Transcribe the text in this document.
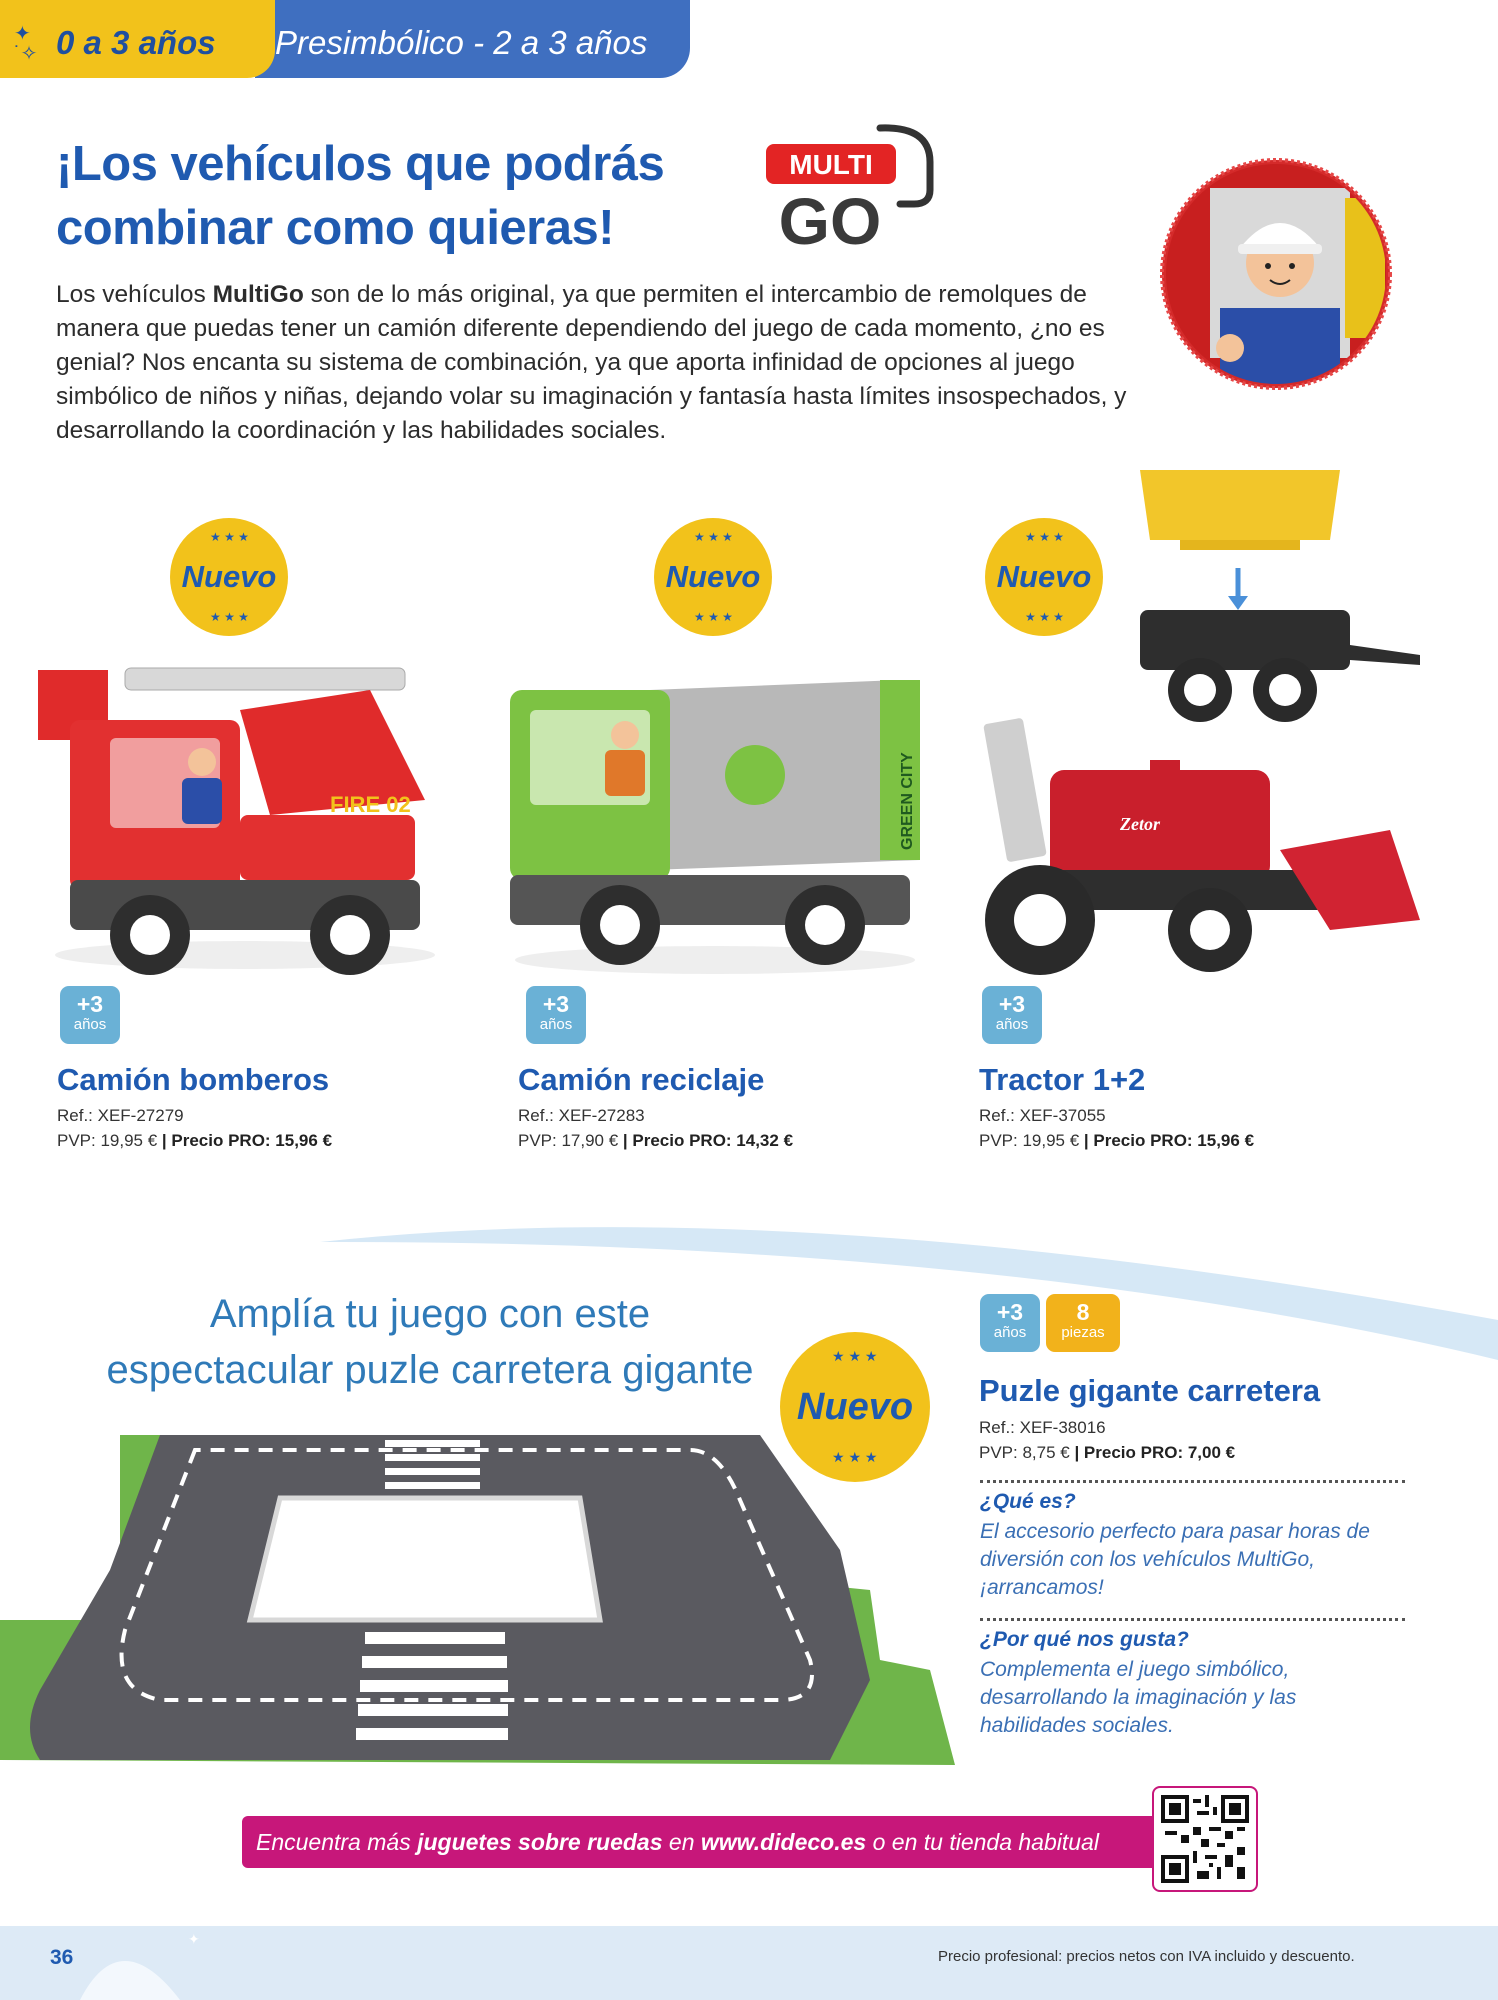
Presimbólico - 2 a 3 años
✦
˙✧ 0 a 3 años
¡Los vehículos que podrás
combinar como quieras!
MULTI
GO
Los vehículos MultiGo son de lo más original, ya que permiten el intercambio de remolques de manera que puedas tener un camión diferente dependiendo del juego de cada momento, ¿no es genial? Nos encanta su sistema de combinación, ya que aporta infinidad de opciones al juego simbólico de niños y niñas, dejando volar su imaginación y fantasía hasta límites insospechados, y desarrollando la coordinación y las habilidades sociales.
★ ★ ★
Nuevo
★ ★ ★
★ ★ ★
Nuevo
★ ★ ★
★ ★ ★
Nuevo
★ ★ ★
FIRE 02	GREEN CITY	Zetor
+3
años
Camión bomberos
Ref.: XEF-27279
PVP: 19,95 € | Precio PRO: 15,96 €
+3
años
Camión reciclaje
Ref.: XEF-27283
PVP: 17,90 € | Precio PRO: 14,32 €
+3
años
Tractor 1+2
Ref.: XEF-37055
PVP: 19,95 € | Precio PRO: 15,96 €
Amplía tu juego con este
espectacular puzle carretera gigante	★ ★ ★
Nuevo
★ ★ ★
+3
años
8
piezas
Puzle gigante carretera
Ref.: XEF-38016
PVP: 8,75 € | Precio PRO: 7,00 €
¿Qué es?
El accesorio perfecto para pasar horas de diversión con los vehículos MultiGo, ¡arrancamos!
¿Por qué nos gusta?
Complementa el juego simbólico, desarrollando la imaginación y las habilidades sociales.
Encuentra más juguetes sobre ruedas en www.dideco.es o en tu tienda habitual
✦
36	Precio profesional: precios netos con IVA incluido y descuento.
